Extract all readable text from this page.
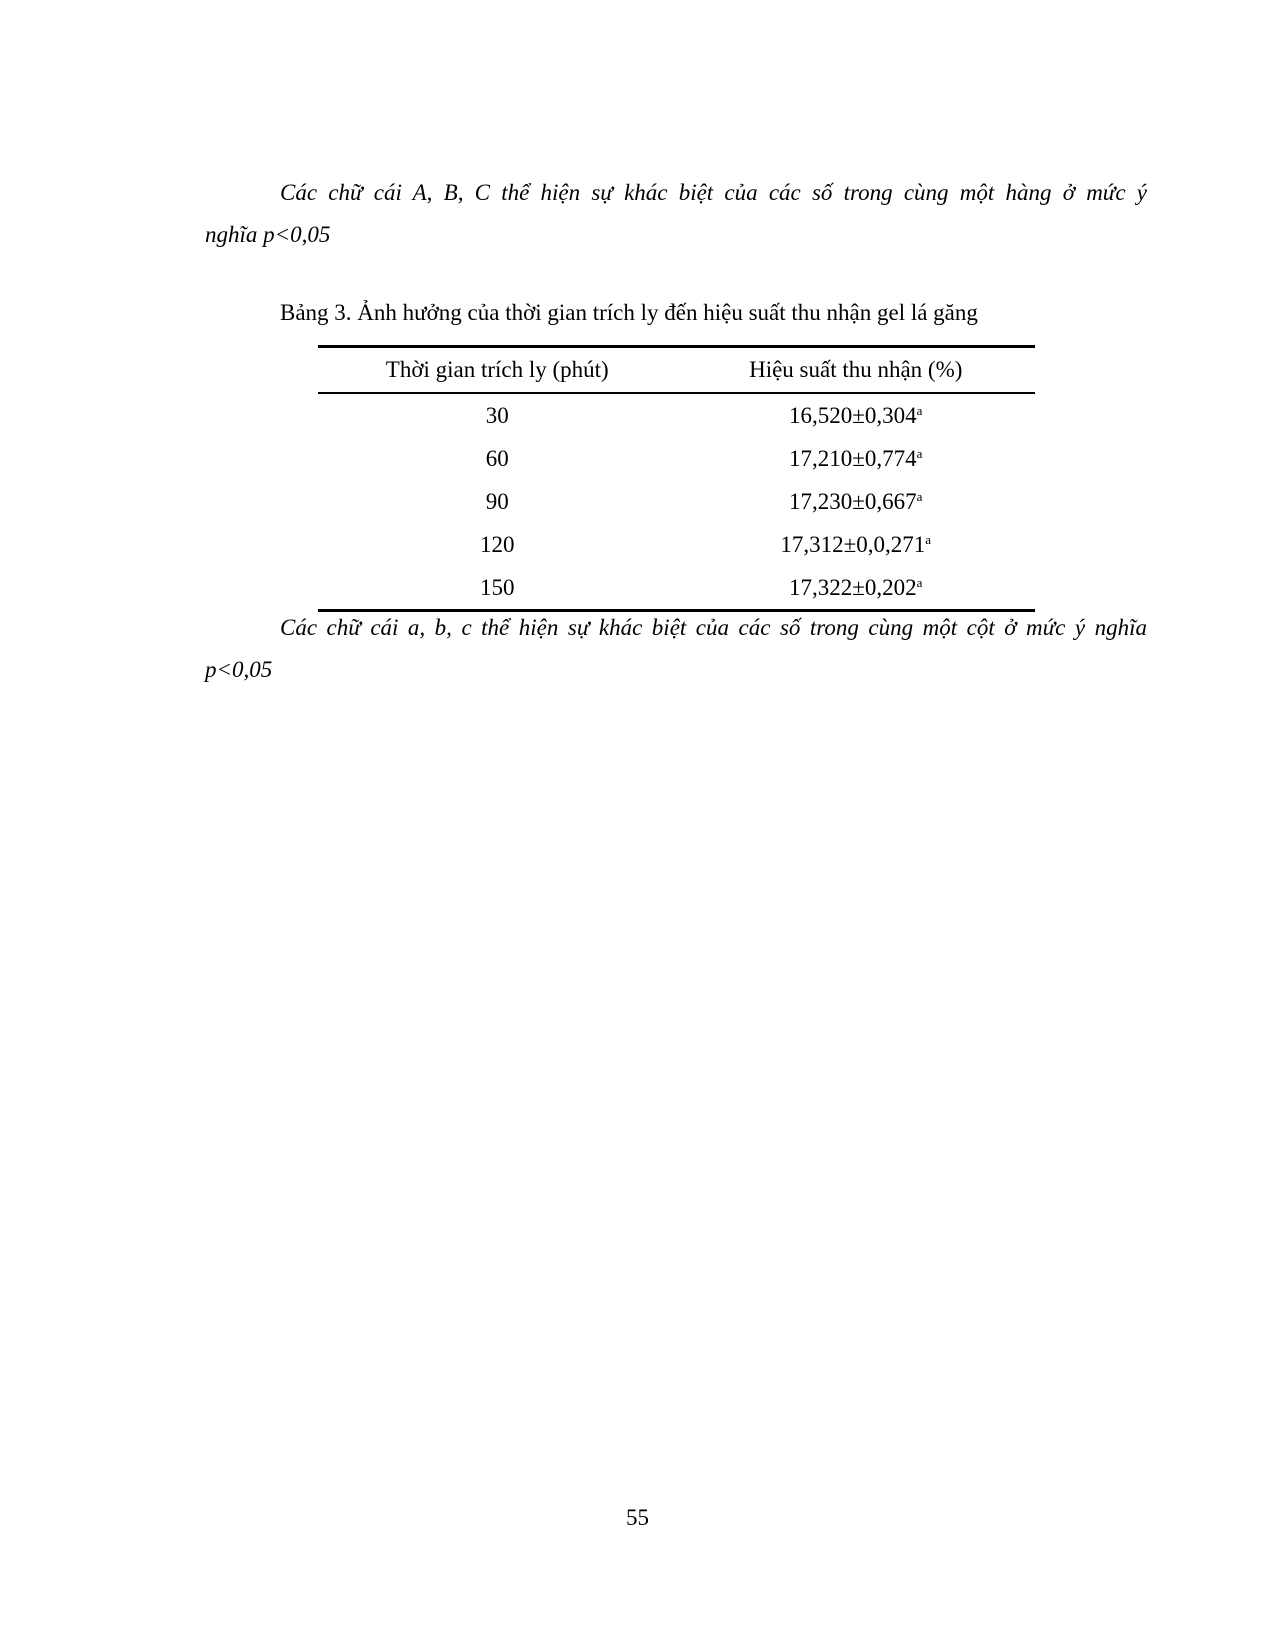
Các chữ cái A, B, C thể hiện sự khác biệt của các số trong cùng một hàng ở mức ý
nghĩa p<0,05
Bảng 3. Ảnh hưởng của thời gian trích ly đến hiệu suất thu nhận gel lá găng
Thời gian trích ly (phút)	Hiệu suất thu nhận (%)
30	16,520±0,304$^a$
60	17,210±0,774$^a$
90	17,230±0,667$^a$
120	17,312±0,0,271$^a$
150	17,322±0,202$^a$
Các chữ cái a, b, c thể hiện sự khác biệt của các số trong cùng một cột ở mức ý nghĩa
p<0,05
55
